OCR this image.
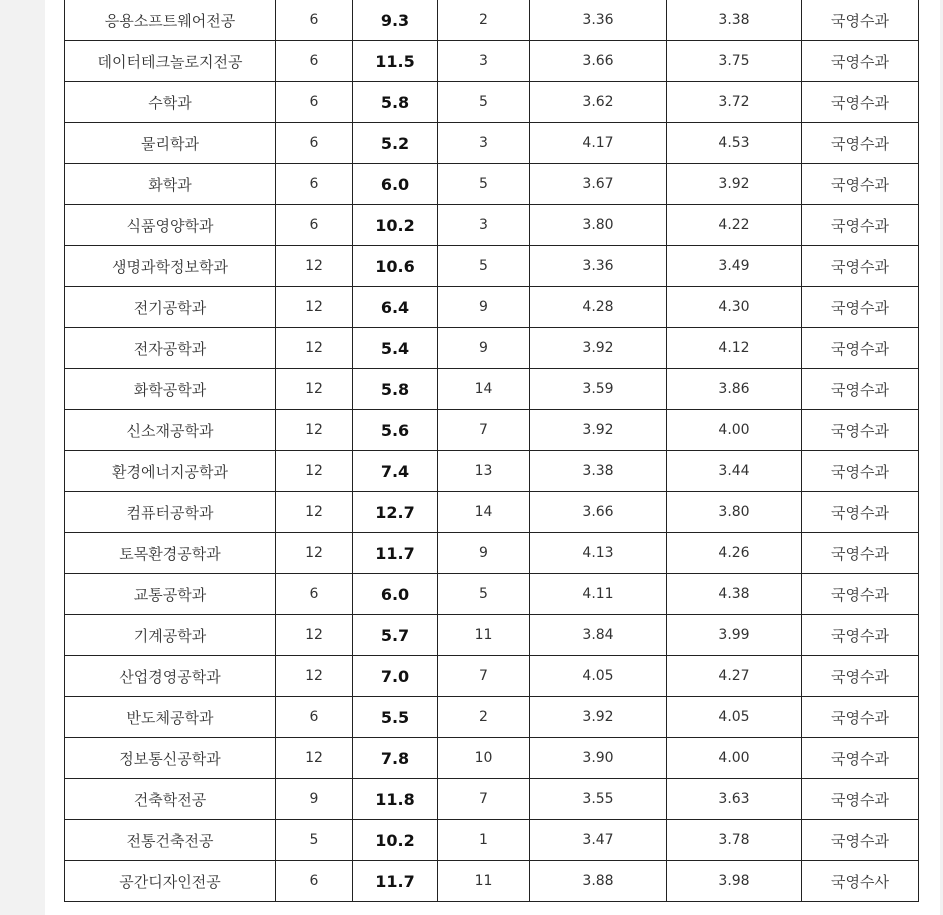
응용소프트웨어전공	6	9.3	2	3.36	3.38	국영수과
데이터테크놀로지전공	6	11.5	3	3.66	3.75	국영수과
수학과	6	5.8	5	3.62	3.72	국영수과
물리학과	6	5.2	3	4.17	4.53	국영수과
화학과	6	6.0	5	3.67	3.92	국영수과
식품영양학과	6	10.2	3	3.80	4.22	국영수과
생명과학정보학과	12	10.6	5	3.36	3.49	국영수과
전기공학과	12	6.4	9	4.28	4.30	국영수과
전자공학과	12	5.4	9	3.92	4.12	국영수과
화학공학과	12	5.8	14	3.59	3.86	국영수과
신소재공학과	12	5.6	7	3.92	4.00	국영수과
환경에너지공학과	12	7.4	13	3.38	3.44	국영수과
컴퓨터공학과	12	12.7	14	3.66	3.80	국영수과
토목환경공학과	12	11.7	9	4.13	4.26	국영수과
교통공학과	6	6.0	5	4.11	4.38	국영수과
기계공학과	12	5.7	11	3.84	3.99	국영수과
산업경영공학과	12	7.0	7	4.05	4.27	국영수과
반도체공학과	6	5.5	2	3.92	4.05	국영수과
정보통신공학과	12	7.8	10	3.90	4.00	국영수과
건축학전공	9	11.8	7	3.55	3.63	국영수과
전통건축전공	5	10.2	1	3.47	3.78	국영수과
공간디자인전공	6	11.7	11	3.88	3.98	국영수사
